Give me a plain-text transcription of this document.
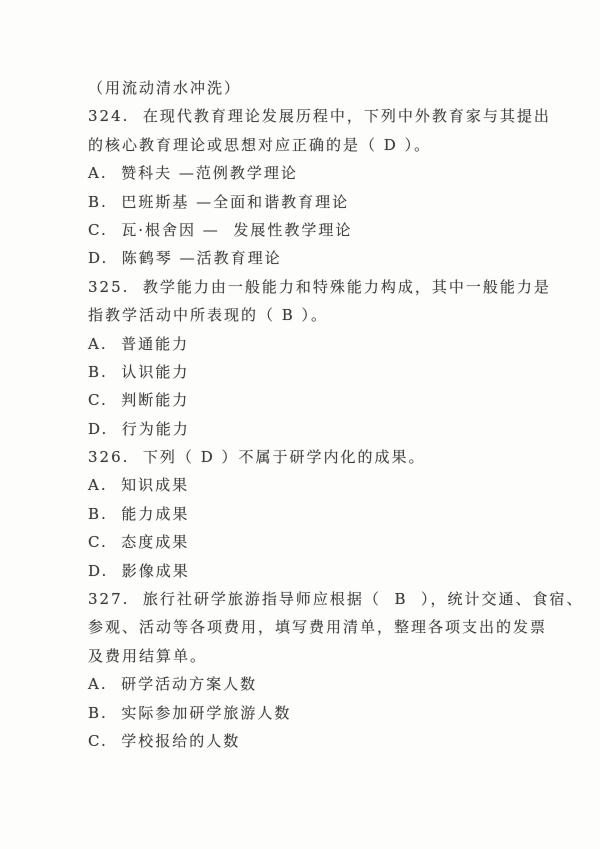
（用流动清水冲洗）
324.  在现代教育理论发展历程中，下列中外教育家与其提出
的核心教育理论或思想对应正确的是（ D ）。
A.  赞科夫 —范例教学理论
B.  巴班斯基 —全面和谐教育理论
C.  瓦·根舍因 —  发展性教学理论
D.  陈鹤琴 —活教育理论
325.  教学能力由一般能力和特殊能力构成，其中一般能力是
指教学活动中所表现的（ B ）。
A.  普通能力
B.  认识能力
C.  判断能力
D.  行为能力
326.  下列（ D ）不属于研学内化的成果。
A.  知识成果
B.  能力成果
C.  态度成果
D.  影像成果
327.  旅行社研学旅游指导师应根据（  B  ），统计交通、食宿、
参观、活动等各项费用，填写费用清单，整理各项支出的发票
及费用结算单。
A.  研学活动方案人数
B.  实际参加研学旅游人数
C.  学校报给的人数
